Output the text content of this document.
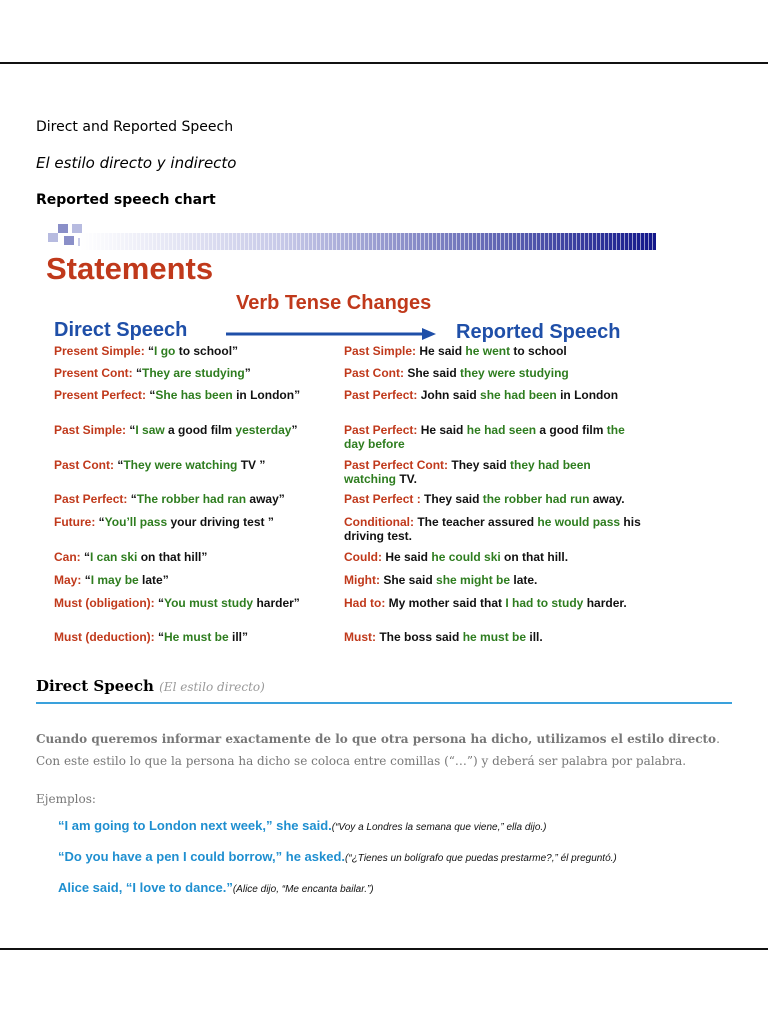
Direct and Reported Speech
El estilo directo y indirecto
Reported speech chart
Statements
Verb Tense Changes
Direct Speech	Reported Speech
Present Simple: “I go to school”	Past Simple: He said he went to school
Present Cont: “They are studying”	Past Cont: She said they were studying
Present Perfect: “She has been in London”	Past Perfect: John said she had been in London
Past Simple: “I saw a good film yesterday”	Past Perfect: He said he had seen a good film the day before
Past Cont: “They were watching TV ”	Past Perfect Cont: They said they had been watching TV.
Past Perfect: “The robber had ran away”	Past Perfect : They said the robber had run away.
Future: “You’ll pass your driving test ”	Conditional: The teacher assured he would pass his driving test.
Can: “I can ski on that hill”	Could: He said he could ski on that hill.
May: “I may be late”	Might: She said she might be late.
Must (obligation): “You must study harder”	Had to: My mother said that I had to study harder.
Must (deduction): “He must be ill”	Must: The boss said he must be ill.
Direct Speech (El estilo directo)
Cuando queremos informar exactamente de lo que otra persona ha dicho, utilizamos el estilo directo. Con este estilo lo que la persona ha dicho se coloca entre comillas (“…”) y deberá ser palabra por palabra.
Ejemplos:
“I am going to London next week,” she said.(“Voy a Londres la semana que viene,” ella dijo.)
“Do you have a pen I could borrow,” he asked.(“¿Tienes un bolígrafo que puedas prestarme?,” él preguntó.)
Alice said, “I love to dance.”(Alice dijo, “Me encanta bailar.”)
